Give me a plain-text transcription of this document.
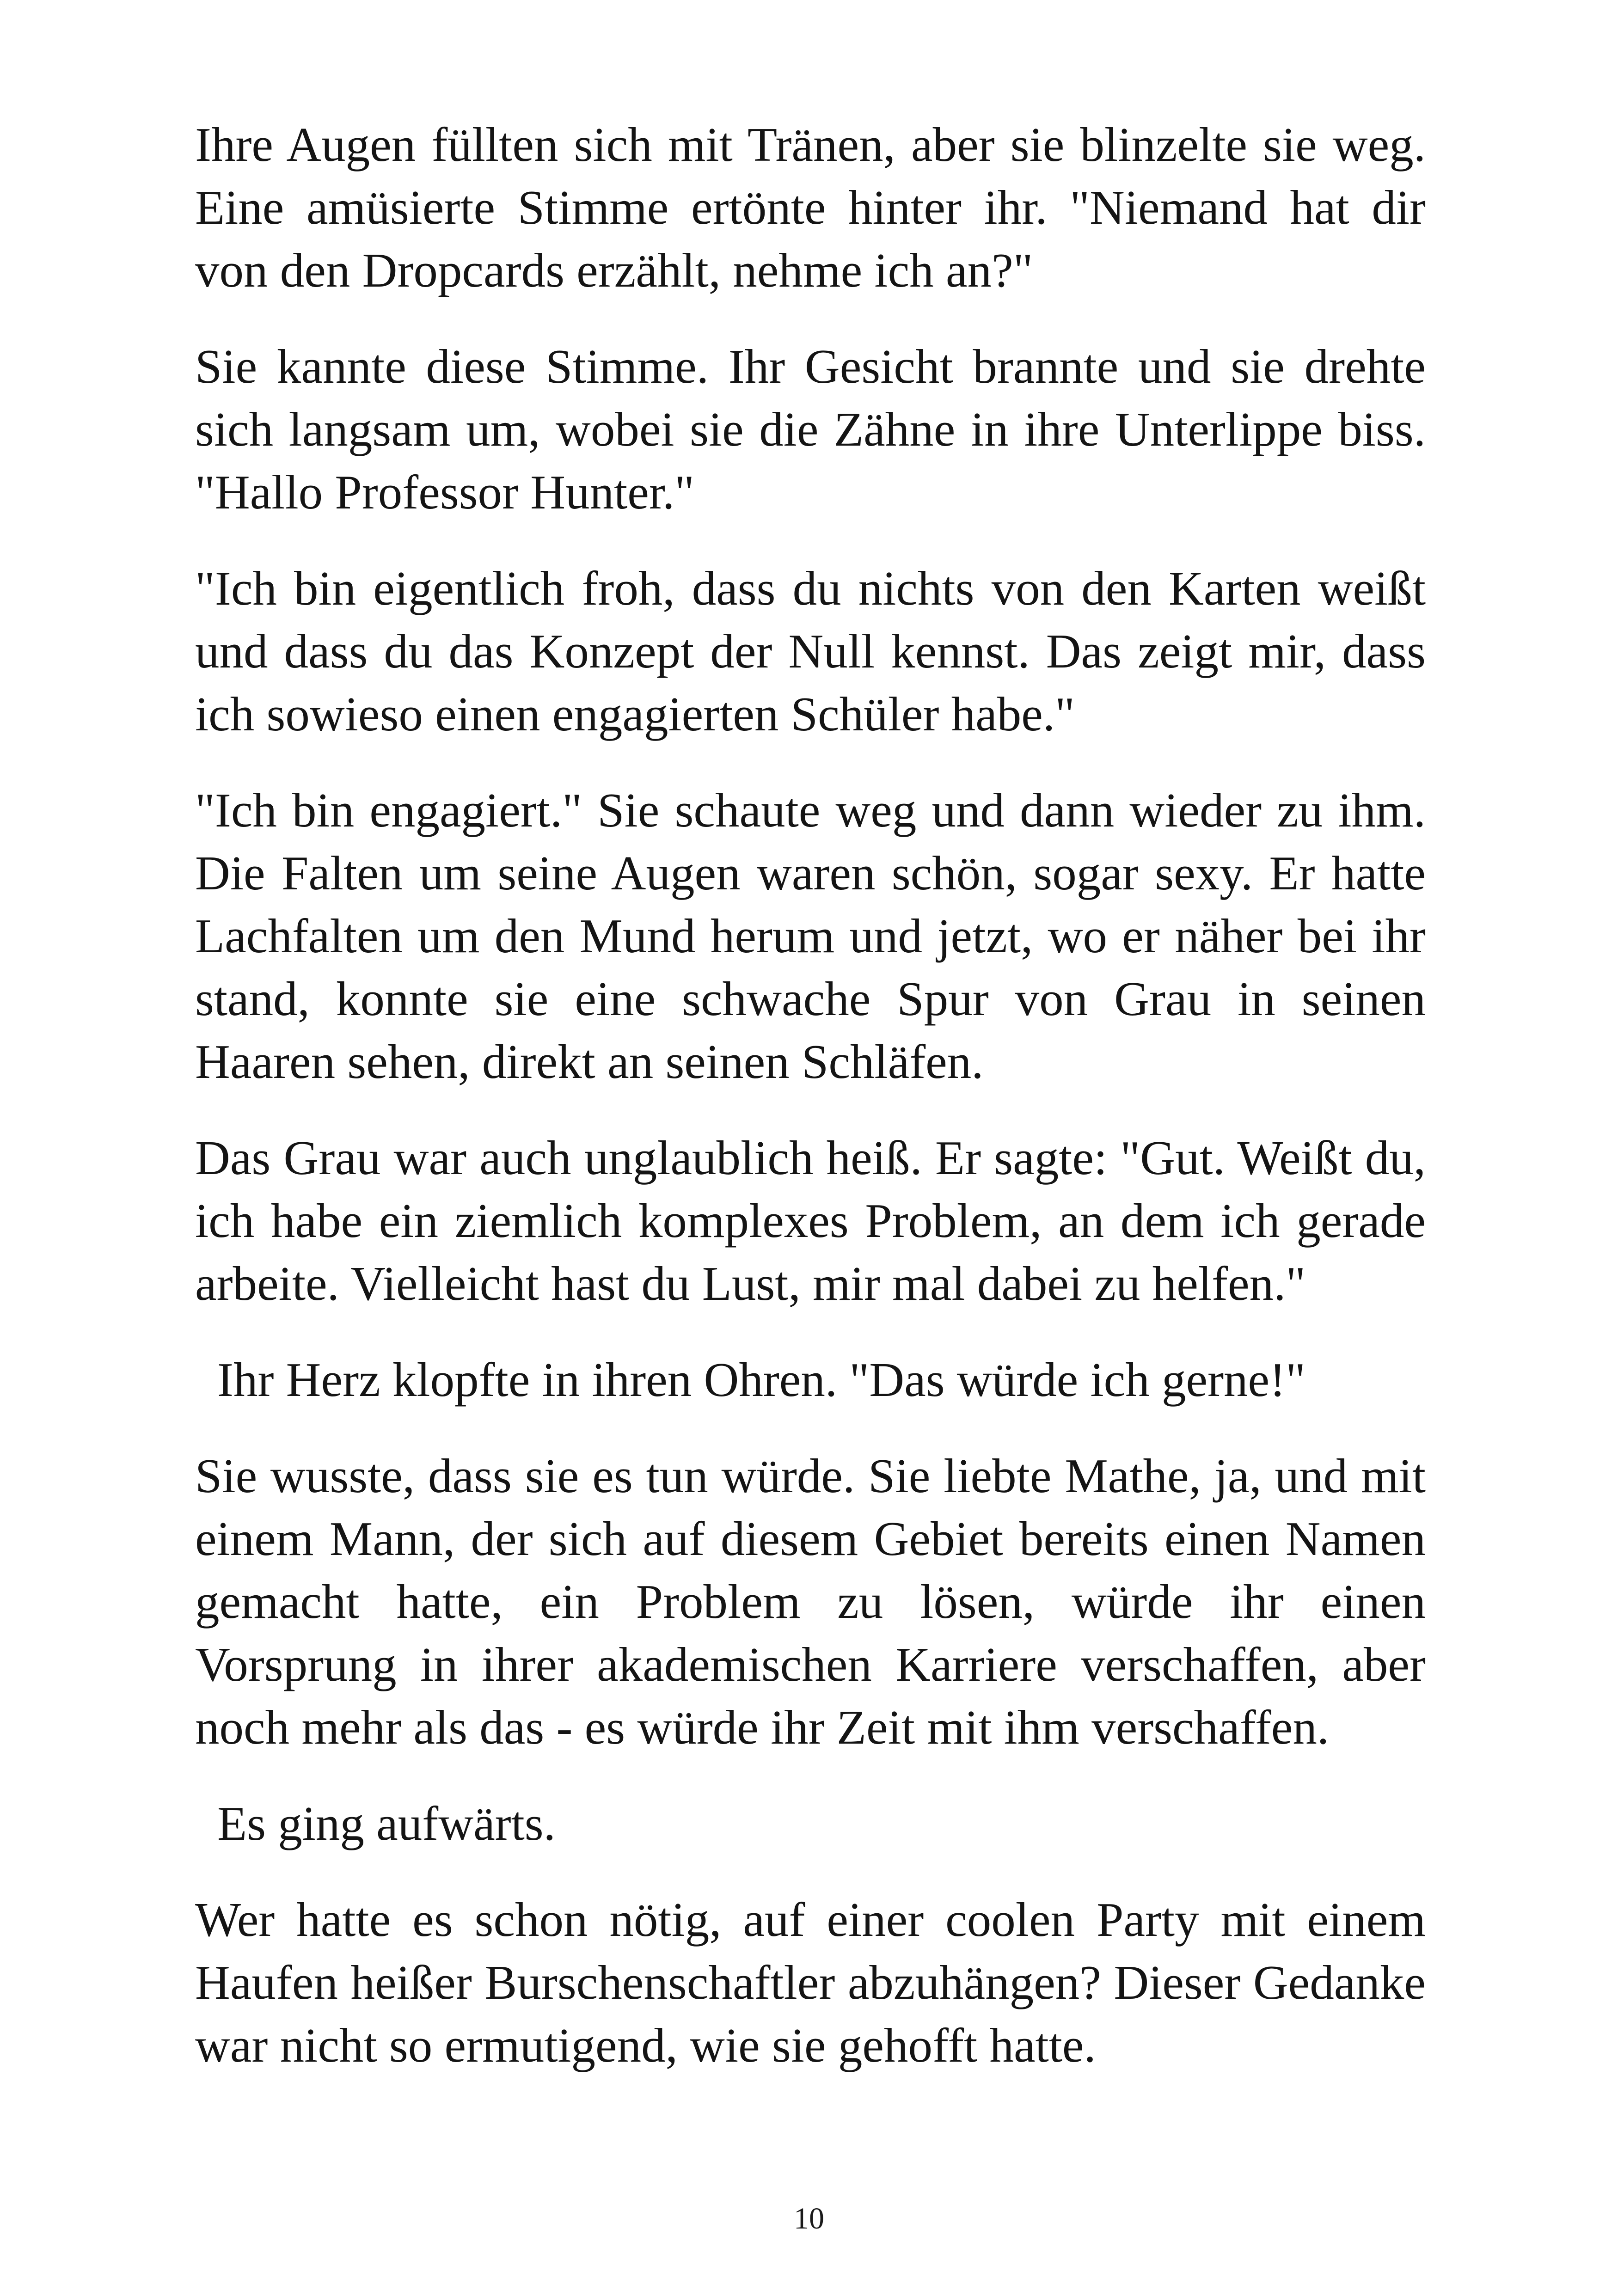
Ihre Augen füllten sich mit Tränen, aber sie blinzelte sie weg. Eine amüsierte Stimme ertönte hinter ihr. "Niemand hat dir von den Dropcards erzählt, nehme ich an?"

Sie kannte diese Stimme. Ihr Gesicht brannte und sie drehte sich langsam um, wobei sie die Zähne in ihre Unterlippe biss. "Hallo Professor Hunter."

"Ich bin eigentlich froh, dass du nichts von den Karten weißt und dass du das Konzept der Null kennst. Das zeigt mir, dass ich sowieso einen engagierten Schüler habe."

"Ich bin engagiert." Sie schaute weg und dann wieder zu ihm. Die Falten um seine Augen waren schön, sogar sexy. Er hatte Lachfalten um den Mund herum und jetzt, wo er näher bei ihr stand, konnte sie eine schwache Spur von Grau in seinen Haaren sehen, direkt an seinen Schläfen.

Das Grau war auch unglaublich heiß. Er sagte: "Gut. Weißt du, ich habe ein ziemlich komplexes Problem, an dem ich gerade arbeite. Vielleicht hast du Lust, mir mal dabei zu helfen."

Ihr Herz klopfte in ihren Ohren. "Das würde ich gerne!"

Sie wusste, dass sie es tun würde. Sie liebte Mathe, ja, und mit einem Mann, der sich auf diesem Gebiet bereits einen Namen gemacht hatte, ein Problem zu lösen, würde ihr einen Vorsprung in ihrer akademischen Karriere verschaffen, aber noch mehr als das - es würde ihr Zeit mit ihm verschaffen.

Es ging aufwärts.

Wer hatte es schon nötig, auf einer coolen Party mit einem Haufen heißer Burschenschaftler abzuhängen? Dieser Gedanke war nicht so ermutigend, wie sie gehofft hatte.

10
